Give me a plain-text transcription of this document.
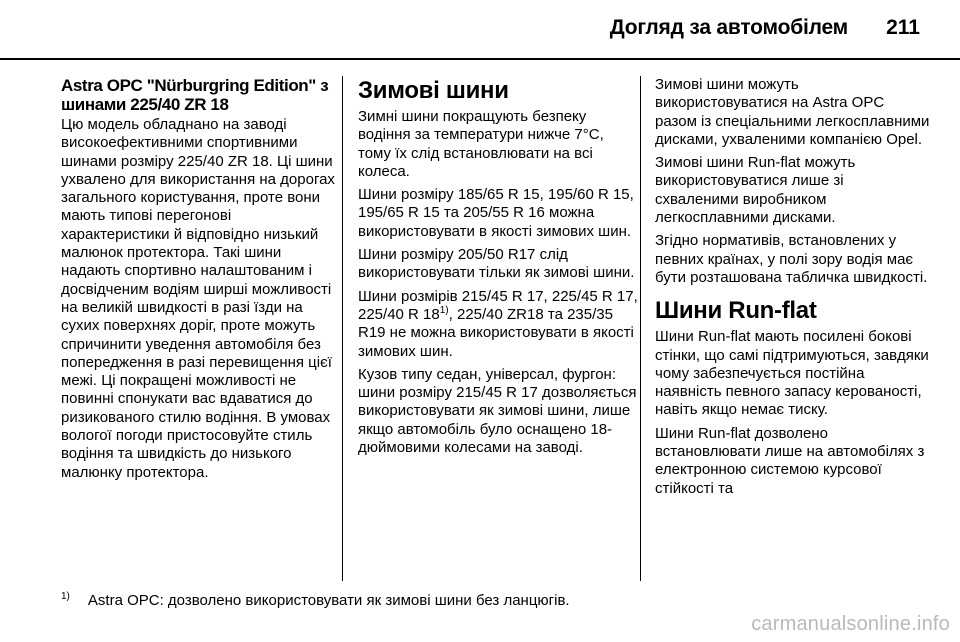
Догляд за автомобілем 211
Astra OPC "Nürburgring Edition" з шинами 225/40 ZR 18

Цю модель обладнано на заводі високоефективними спортивними шинами розміру 225/40 ZR 18. Ці шини ухвалено для використання на дорогах загального користування, проте вони мають типові перегонові характеристики й відповідно низький малюнок протектора. Такі шини надають спортивно налаштованим і досвідченим водіям ширші можливості на великій швидкості в разі їзди на сухих поверхнях доріг, проте можуть спричинити уведення автомобіля без попередження в разі перевищення цієї межі. Ці покращені можливості не повинні спонукати вас вдаватися до ризикованого стилю водіння. В умовах вологої погоди пристосовуйте стиль водіння та швидкість до низького малюнку протектора.

Зимові шини

Зимні шини покращують безпеку водіння за температури нижче 7°C, тому їх слід встановлювати на всі колеса.

Шини розміру 185/65 R 15, 195/60 R 15, 195/65 R 15 та 205/55 R 16 можна використовувати в якості зимових шин.

Шини розміру 205/50 R17 слід використовувати тільки як зимові шини.

Шини розмірів 215/45 R 17, 225/45 R 17, 225/40 R 18$^{1)}$, 225/40 ZR18 та 235/35 R19 не можна використовувати в якості зимових шин.

Кузов типу седан, універсал, фургон: шини розміру 215/45 R 17 дозволяється використовувати як зимові шини, лише якщо автомобіль було оснащено 18-дюймовими колесами на заводі.

Зимові шини можуть використовуватися на Astra OPC разом із спеціальними легкосплавними дисками, ухваленими компанією Opel.

Зимові шини Run-flat можуть використовуватися лише зі схваленими виробником легкосплавними дисками.

Згідно нормативів, встановлених у певних країнах, у полі зору водія має бути розташована табличка швидкості.

Шини Run-flat

Шини Run-flat мають посилені бокові стінки, що самі підтримуються, завдяки чому забезпечується постійна наявність певного запасу керованості, навіть якщо немає тиску.

Шини Run-flat дозволено встановлювати лише на автомобілях з електронною системою курсової стійкості та

$^{1)}$ Astra OPC: дозволено використовувати як зимові шини без ланцюгів.
carmanualsonline.info
